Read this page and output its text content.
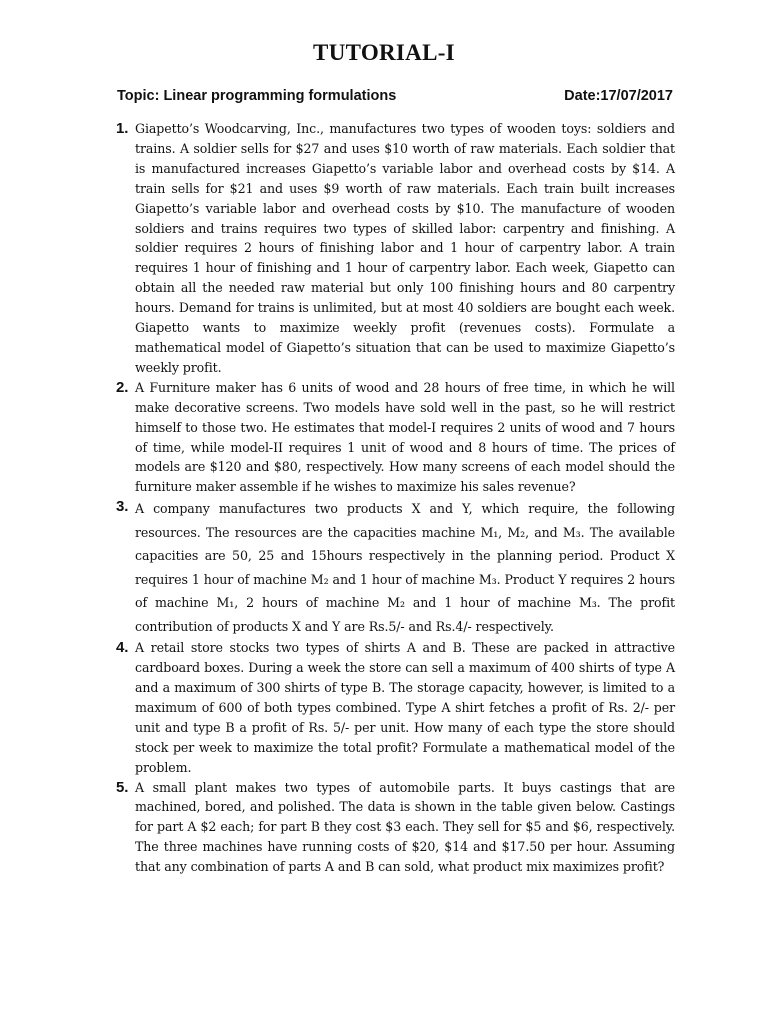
TUTORIAL-I
Topic: Linear programming formulations	Date:17/07/2017
1. Giapetto’s Woodcarving, Inc., manufactures two types of wooden toys: soldiers and trains. A soldier sells for $27 and uses $10 worth of raw materials. Each soldier that is manufactured increases Giapetto’s variable labor and overhead costs by $14. A train sells for $21 and uses $9 worth of raw materials. Each train built increases Giapetto’s variable labor and overhead costs by $10. The manufacture of wooden soldiers and trains requires two types of skilled labor: carpentry and finishing. A soldier requires 2 hours of finishing labor and 1 hour of carpentry labor. A train requires 1 hour of finishing and 1 hour of carpentry labor. Each week, Giapetto can obtain all the needed raw material but only 100 finishing hours and 80 carpentry hours. Demand for trains is unlimited, but at most 40 soldiers are bought each week. Giapetto wants to maximize weekly profit (revenues costs). Formulate a mathematical model of Giapetto’s situation that can be used to maximize Giapetto’s weekly profit.
2. A Furniture maker has 6 units of wood and 28 hours of free time, in which he will make decorative screens. Two models have sold well in the past, so he will restrict himself to those two. He estimates that model-I requires 2 units of wood and 7 hours of time, while model-II requires 1 unit of wood and 8 hours of time. The prices of models are $120 and $80, respectively. How many screens of each model should the furniture maker assemble if he wishes to maximize his sales revenue?
3. A company manufactures two products X and Y, which require, the following resources. The resources are the capacities machine M₁, M₂, and M₃. The available capacities are 50, 25 and 15hours respectively in the planning period. Product X requires 1 hour of machine M₂ and 1 hour of machine M₃. Product Y requires 2 hours of machine M₁, 2 hours of machine M₂ and 1 hour of machine M₃. The profit contribution of products X and Y are Rs.5/- and Rs.4/- respectively.
4. A retail store stocks two types of shirts A and B. These are packed in attractive cardboard boxes. During a week the store can sell a maximum of 400 shirts of type A and a maximum of 300 shirts of type B. The storage capacity, however, is limited to a maximum of 600 of both types combined. Type A shirt fetches a profit of Rs. 2/- per unit and type B a profit of Rs. 5/- per unit. How many of each type the store should stock per week to maximize the total profit? Formulate a mathematical model of the problem.
5. A small plant makes two types of automobile parts. It buys castings that are machined, bored, and polished. The data is shown in the table given below. Castings for part A $2 each; for part B they cost $3 each. They sell for $5 and $6, respectively. The three machines have running costs of $20, $14 and $17.50 per hour. Assuming that any combination of parts A and B can sold, what product mix maximizes profit?
